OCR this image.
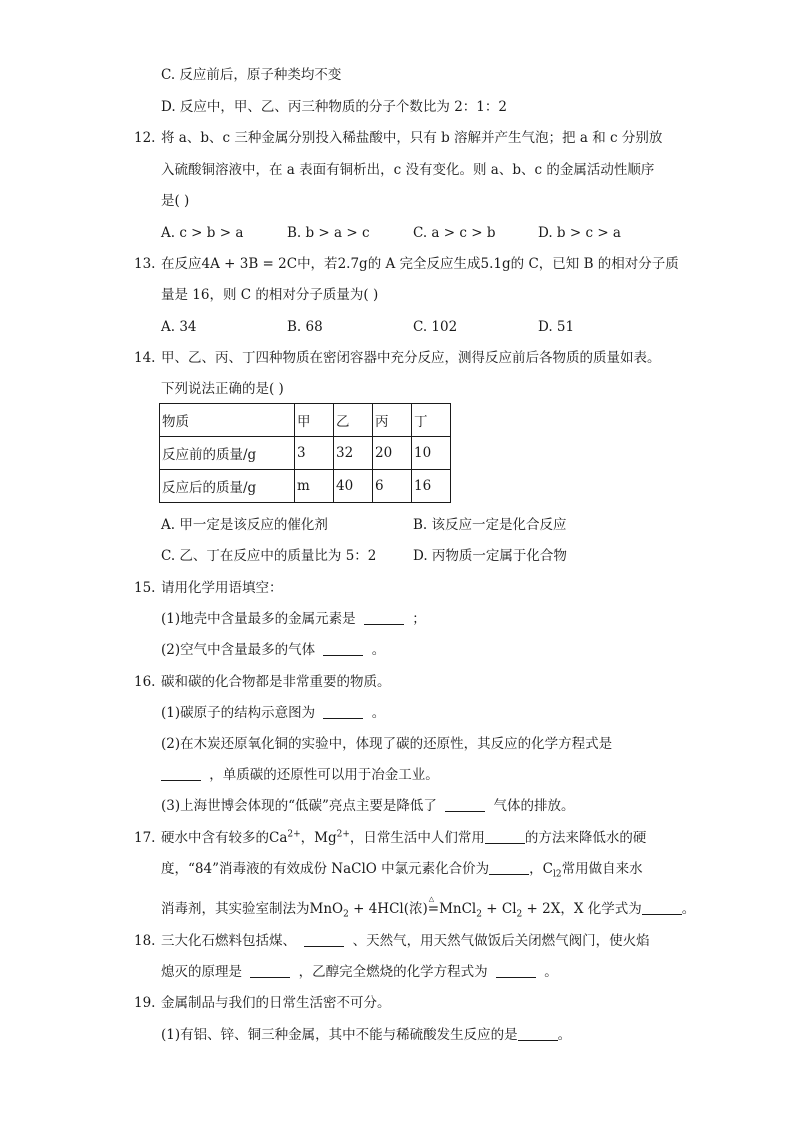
C. 反应前后，原子种类均不变
D. 反应中，甲、乙、丙三种物质的分子个数比为 2：1：2
12. 将 a、b、c 三种金属分别投入稀盐酸中，只有 b 溶解并产生气泡；把 a 和 c 分别放
入硫酸铜溶液中，在 a 表面有铜析出，c 没有变化。则 a、b、c 的金属活动性顺序
是( )
A. c > b > a	B. b > a > c	C. a > c > b	D. b > c > a
13. 在反应4A + 3B = 2C中，若2.7g的 A 完全反应生成5.1g的 C，已知 B 的相对分子质
量是 16，则 C 的相对分子质量为( )
A. 34	B. 68	C. 102	D. 51
14. 甲、乙、丙、丁四种物质在密闭容器中充分反应，测得反应前后各物质的质量如表。
下列说法正确的是( )
物质	甲	乙	丙	丁
反应前的质量/g	3	32	20	10
反应后的质量/g	m	40	6	16
A. 甲一定是该反应的催化剂	B. 该反应一定是化合反应
C. 乙、丁在反应中的质量比为 5：2	D. 丙物质一定属于化合物
15. 请用化学用语填空：
(1)地壳中含量最多的金属元素是	；
(2)空气中含量最多的气体	。
16. 碳和碳的化合物都是非常重要的物质。
(1)碳原子的结构示意图为	。
(2)在木炭还原氧化铜的实验中，体现了碳的还原性，其反应的化学方程式是
，单质碳的还原性可以用于冶金工业。
(3)上海世博会体现的“低碳”亮点主要是降低了	气体的排放。
17. 硬水中含有较多的$Ca^{2+}$，$Mg^{2+}$，日常生活中人们常用	的方法来降低水的硬
度，“84”消毒液的有效成份 NaClO 中氯元素化合价为	，$C_{l2}$常用做自来水
消毒剂，其实验室制法为MnO$_2$ + 4HCl(浓)
△
=MnCl$_2$ + $Cl_2 + 2X$，X 化学式为	。
18. 三大化石燃料包括煤、	、天然气，用天然气做饭后关闭燃气阀门，使火焰
熄灭的原理是	，乙醇完全燃烧的化学方程式为	。
19. 金属制品与我们的日常生活密不可分。
(1)有铝、锌、铜三种金属，其中不能与稀硫酸发生反应的是	。
